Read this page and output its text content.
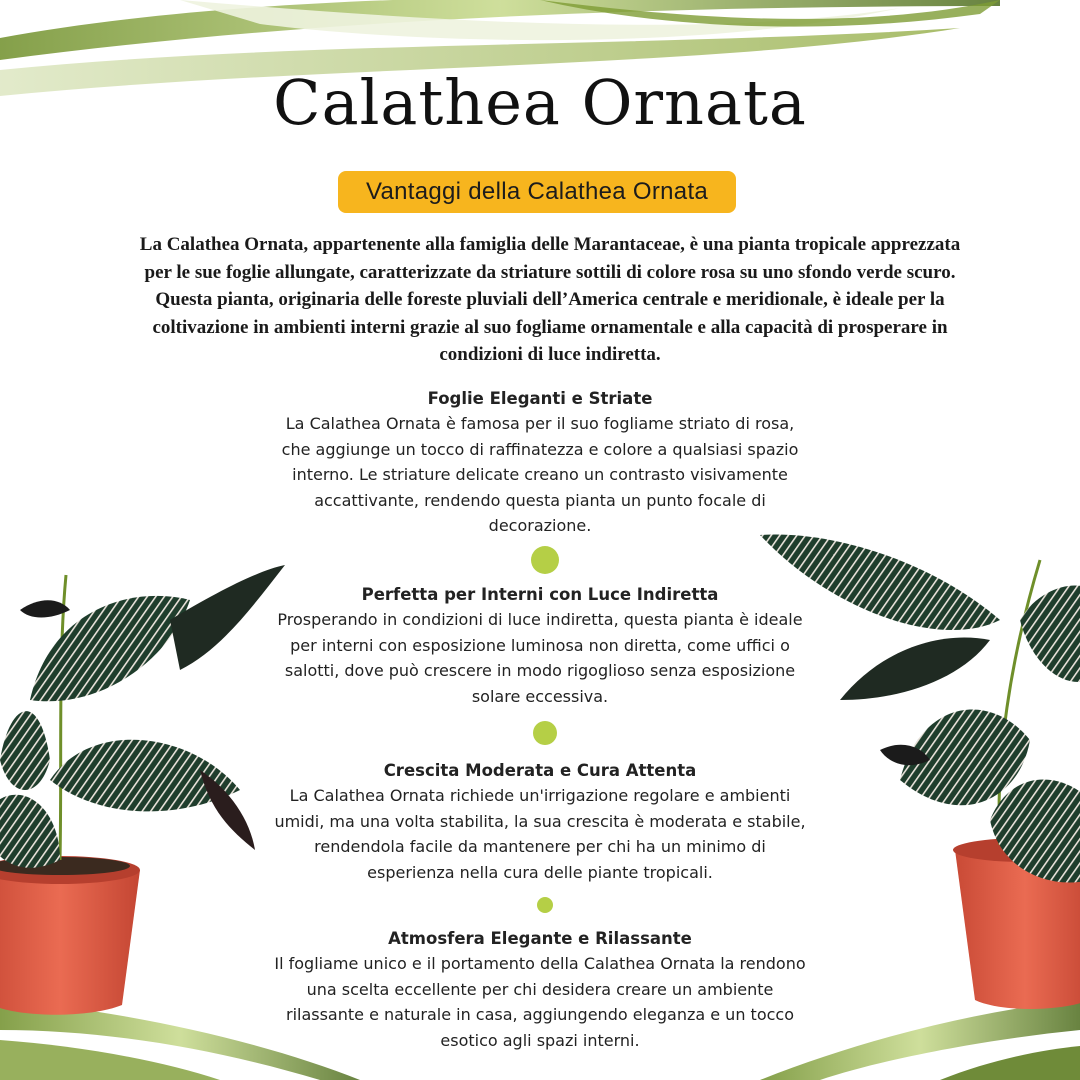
Calathea Ornata
Vantaggi della Calathea Ornata

La Calathea Ornata, appartenente alla famiglia delle Marantaceae, è una pianta tropicale apprezzata per le sue foglie allungate, caratterizzate da striature sottili di colore rosa su uno sfondo verde scuro. Questa pianta, originaria delle foreste pluviali dell’America centrale e meridionale, è ideale per la coltivazione in ambienti interni grazie al suo fogliame ornamentale e alla capacità di prosperare in condizioni di luce indiretta.

Foglie Eleganti e Striate

La Calathea Ornata è famosa per il suo fogliame striato di rosa, che aggiunge un tocco di raffinatezza e colore a qualsiasi spazio interno. Le striature delicate creano un contrasto visivamente accattivante, rendendo questa pianta un punto focale di decorazione.

Perfetta per Interni con Luce Indiretta

Prosperando in condizioni di luce indiretta, questa pianta è ideale per interni con esposizione luminosa non diretta, come uffici o salotti, dove può crescere in modo rigoglioso senza esposizione solare eccessiva.

Crescita Moderata e Cura Attenta

La Calathea Ornata richiede un'irrigazione regolare e ambienti umidi, ma una volta stabilita, la sua crescita è moderata e stabile, rendendola facile da mantenere per chi ha un minimo di esperienza nella cura delle piante tropicali.

Atmosfera Elegante e Rilassante

Il fogliame unico e il portamento della Calathea Ornata la rendono una scelta eccellente per chi desidera creare un ambiente rilassante e naturale in casa, aggiungendo eleganza e un tocco esotico agli spazi interni.
